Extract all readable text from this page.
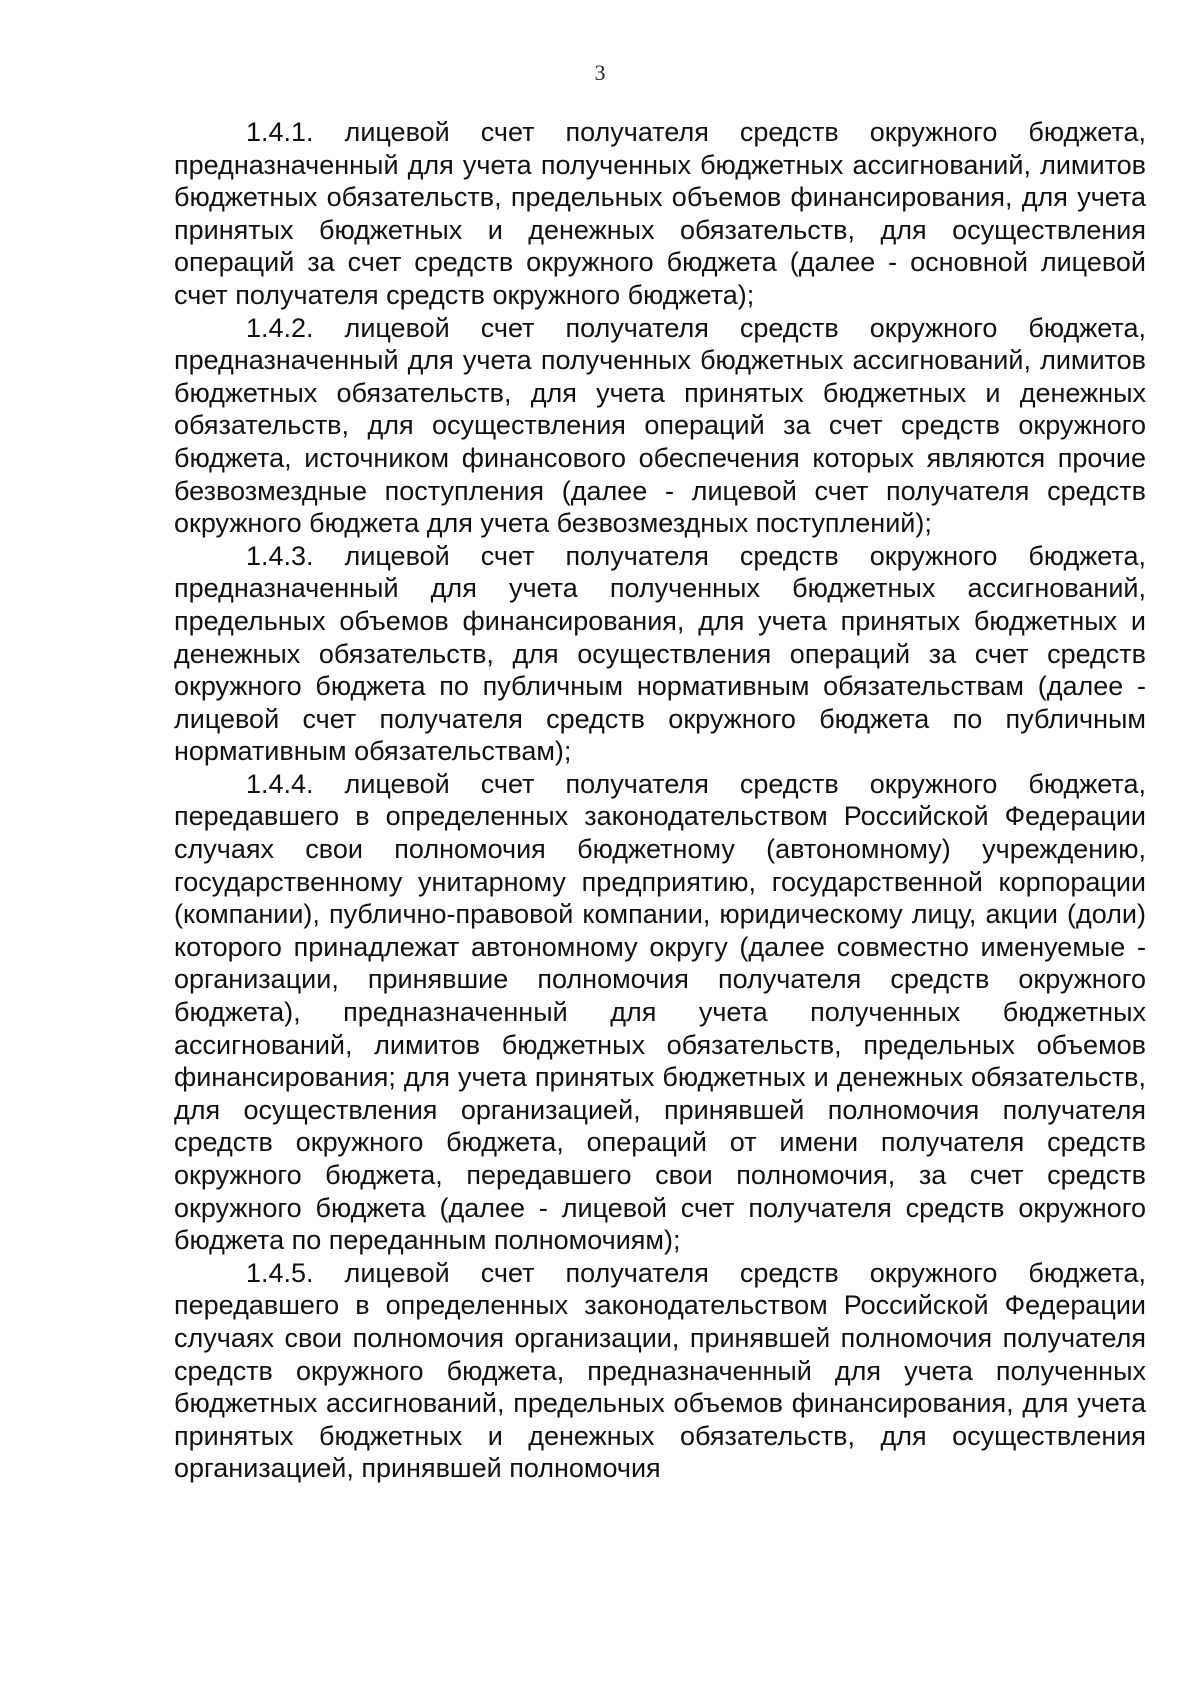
3

1.4.1. лицевой счет получателя средств окружного бюджета, предназначенный для учета полученных бюджетных ассигнований, лимитов бюджетных обязательств, предельных объемов финансирования, для учета принятых бюджетных и денежных обязательств, для осуществления операций за счет средств окружного бюджета (далее - основной лицевой счет получателя средств окружного бюджета);

1.4.2. лицевой счет получателя средств окружного бюджета, предназначенный для учета полученных бюджетных ассигнований, лимитов бюджетных обязательств, для учета принятых бюджетных и денежных обязательств, для осуществления операций за счет средств окружного бюджета, источником финансового обеспечения которых являются прочие безвозмездные поступления (далее - лицевой счет получателя средств окружного бюджета для учета безвозмездных поступлений);

1.4.3. лицевой счет получателя средств окружного бюджета, предназначенный для учета полученных бюджетных ассигнований, предельных объемов финансирования, для учета принятых бюджетных и денежных обязательств, для осуществления операций за счет средств окружного бюджета по публичным нормативным обязательствам (далее - лицевой счет получателя средств окружного бюджета по публичным нормативным обязательствам);

1.4.4. лицевой счет получателя средств окружного бюджета, передавшего в определенных законодательством Российской Федерации случаях свои полномочия бюджетному (автономному) учреждению, государственному унитарному предприятию, государственной корпорации (компании), публично-правовой компании, юридическому лицу, акции (доли) которого принадлежат автономному округу (далее совместно именуемые - организации, принявшие полномочия получателя средств окружного бюджета), предназначенный для учета полученных бюджетных ассигнований, лимитов бюджетных обязательств, предельных объемов финансирования; для учета принятых бюджетных и денежных обязательств, для осуществления организацией, принявшей полномочия получателя средств окружного бюджета, операций от имени получателя средств окружного бюджета, передавшего свои полномочия, за счет средств окружного бюджета (далее - лицевой счет получателя средств окружного бюджета по переданным полномочиям);

1.4.5. лицевой счет получателя средств окружного бюджета, передавшего в определенных законодательством Российской Федерации случаях свои полномочия организации, принявшей полномочия получателя средств окружного бюджета, предназначенный для учета полученных бюджетных ассигнований, предельных объемов финансирования, для учета принятых бюджетных и денежных обязательств, для осуществления организацией, принявшей полномочия
